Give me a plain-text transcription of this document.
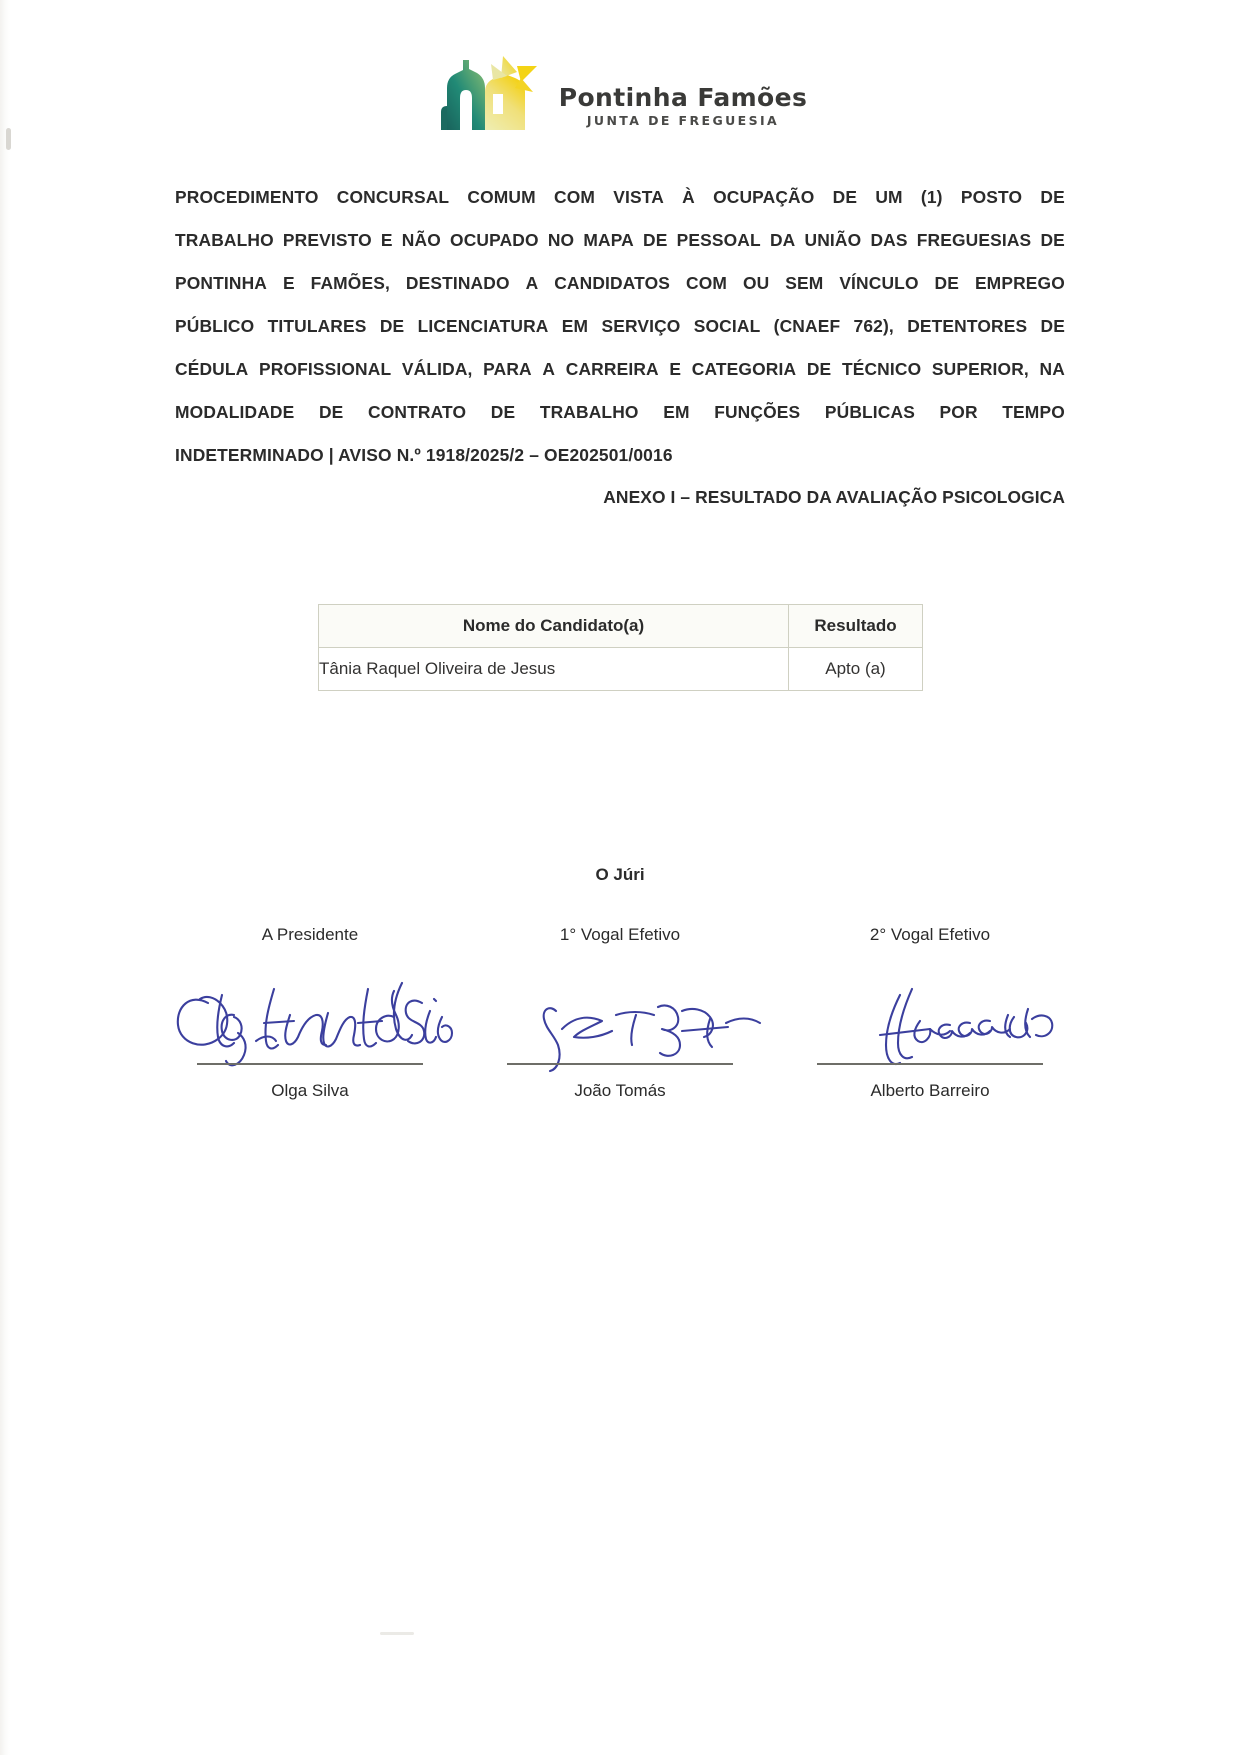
Pontinha Famões
JUNTA DE FREGUESIA
PROCEDIMENTO CONCURSAL COMUM COM VISTA À OCUPAÇÃO DE UM (1) POSTO DE
TRABALHO PREVISTO E NÃO OCUPADO NO MAPA DE PESSOAL DA UNIÃO DAS FREGUESIAS DE
PONTINHA E FAMÕES, DESTINADO A CANDIDATOS COM OU SEM VÍNCULO DE EMPREGO
PÚBLICO TITULARES DE LICENCIATURA EM SERVIÇO SOCIAL (CNAEF 762), DETENTORES DE
CÉDULA PROFISSIONAL VÁLIDA, PARA A CARREIRA E CATEGORIA DE TÉCNICO SUPERIOR, NA
MODALIDADE DE CONTRATO DE TRABALHO EM FUNÇÕES PÚBLICAS POR TEMPO
INDETERMINADO | AVISO N.º 1918/2025/2 – OE202501/0016
ANEXO I – RESULTADO DA AVALIAÇÃO PSICOLOGICA
Nome do Candidato(a)	Resultado
Tânia Raquel Oliveira de Jesus	Apto (a)
O Júri
A Presidente
Olga Silva
1° Vogal Efetivo
João Tomás
2° Vogal Efetivo
Alberto Barreiro
